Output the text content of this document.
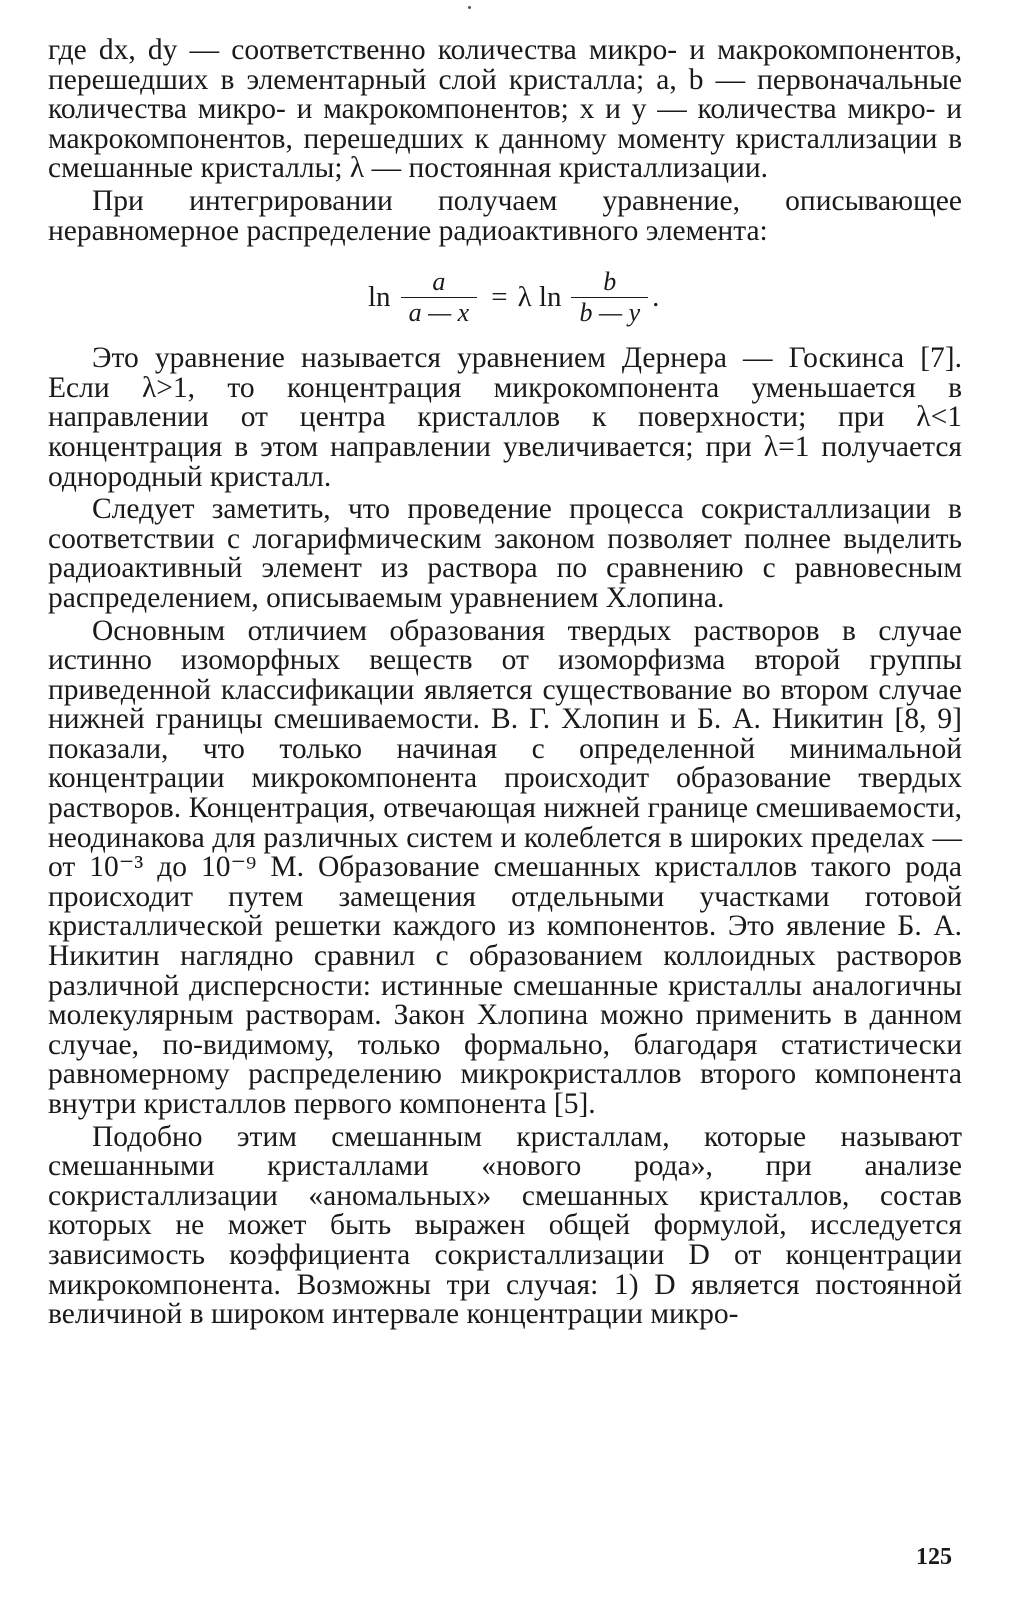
где dx, dy — соответственно количества микро- и макрокомпонентов, перешедших в элементарный слой кристалла; a, b — первоначальные количества микро- и макрокомпонентов; x и y — количества микро- и макрокомпонентов, перешедших к данному моменту кристаллизации в смешанные кристаллы; λ — постоянная кристаллизации.

При интегрировании получаем уравнение, описывающее неравномерное распределение радиоактивного элемента:

$\ln \frac{a}{a — x} = \lambda$ $\ln \frac{b}{b — y}$ .

Это уравнение называется уравнением Дернера — Госкинса [7]. Если λ>1, то концентрация микрокомпонента уменьшается в направлении от центра кристаллов к поверхности; при λ<1 концентрация в этом направлении увеличивается; при λ=1 получается однородный кристалл.

Следует заметить, что проведение процесса сокристаллизации в соответствии с логарифмическим законом позволяет полнее выделить радиоактивный элемент из раствора по сравнению с равновесным распределением, описываемым уравнением Хлопина.

Основным отличием образования твердых растворов в случае истинно изоморфных веществ от изоморфизма второй группы приведенной классификации является существование во втором случае нижней границы смешиваемости. В. Г. Хлопин и Б. А. Никитин [8, 9] показали, что только начиная с определенной минимальной концентрации микрокомпонента происходит образование твердых растворов. Концентрация, отвечающая нижней границе смешиваемости, неодинакова для различных систем и колеблется в широких пределах — от 10⁻³ до 10⁻⁹ M. Образование смешанных кристаллов такого рода происходит путем замещения отдельными участками готовой кристаллической решетки каждого из компонентов. Это явление Б. А. Никитин наглядно сравнил с образованием коллоидных растворов различной дисперсности: истинные смешанные кристаллы аналогичны молекулярным растворам. Закон Хлопина можно применить в данном случае, по-видимому, только формально, благодаря статистически равномерному распределению микрокристаллов второго компонента внутри кристаллов первого компонента [5].

Подобно этим смешанным кристаллам, которые называют смешанными кристаллами «нового рода», при анализе сокристаллизации «аномальных» смешанных кристаллов, состав которых не может быть выражен общей формулой, исследуется зависимость коэффициента сокристаллизации D от концентрации микрокомпонента. Возможны три случая: 1) D является постоянной величиной в широком интервале концентрации микро-

125
